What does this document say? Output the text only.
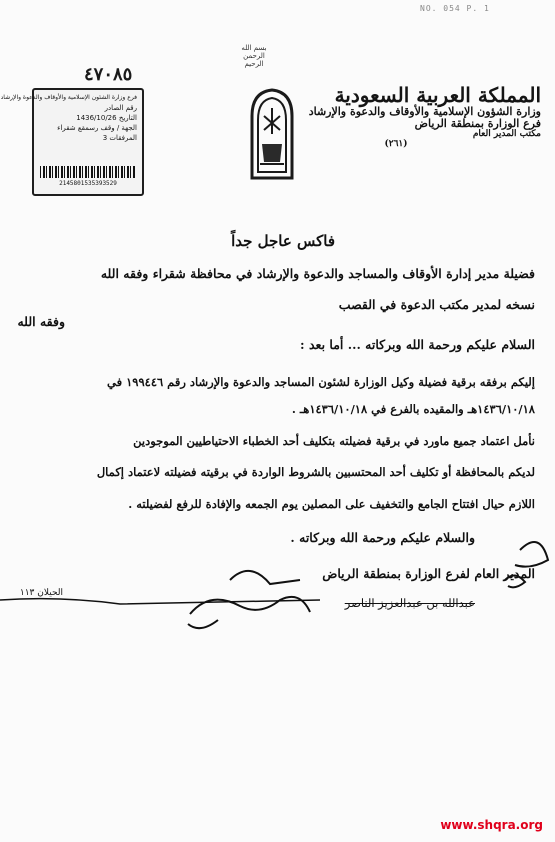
NO. 054 P. 1
بسم الله الرحمن الرحيم
المملكة العربية السعودية
وزارة الشؤون الإسلامية والأوقاف والدعوة والإرشاد
فرع الوزارة بمنطقة الرياض
مكتب المدير العام
(٢٦١)
٤٧٠٨٥
فرع وزارة الشئون الإسلامية والأوقاف والدعوة والإرشاد
رقم الصادر
التاريخ 1436/10/26
الجهة / وقف رسمقع شقراء
المرفقات 3
2145801535393529
فاكس عاجل جداً
فضيلة مدير إدارة الأوقاف والمساجد والدعوة والإرشاد في محافظة شقراء وفقه الله
نسخه لمدير مكتب الدعوة في القصب
وفقه الله
السلام عليكم ورحمة الله وبركاته ... أما بعد :
إليكم برفقه برقية فضيلة وكيل الوزارة لشئون المساجد والدعوة والإرشاد رقم ١٩٩٤٤٦ في
١٤٣٦/١٠/١٨هـ والمقيده بالفرع في ١٤٣٦/١٠/١٨هـ .
نأمل اعتماد جميع ماورد في برقية فضيلته بتكليف أحد الخطباء الاحتياطيين الموجودين
لديكم بالمحافظة أو تكليف أحد المحتسبين بالشروط الواردة في برقيته فضيلته لاعتماد إكمال
اللازم حيال افتتاح الجامع والتخفيف على المصلين يوم الجمعه والإفادة للرفع لفضيلته .
والسلام عليكم ورحمة الله وبركاته .
المدير العام لفرع الوزارة بمنطقة الرياض
عبدالله بن عبدالعزيز الناصر
الحيلان ١١٣
www.shqra.org
